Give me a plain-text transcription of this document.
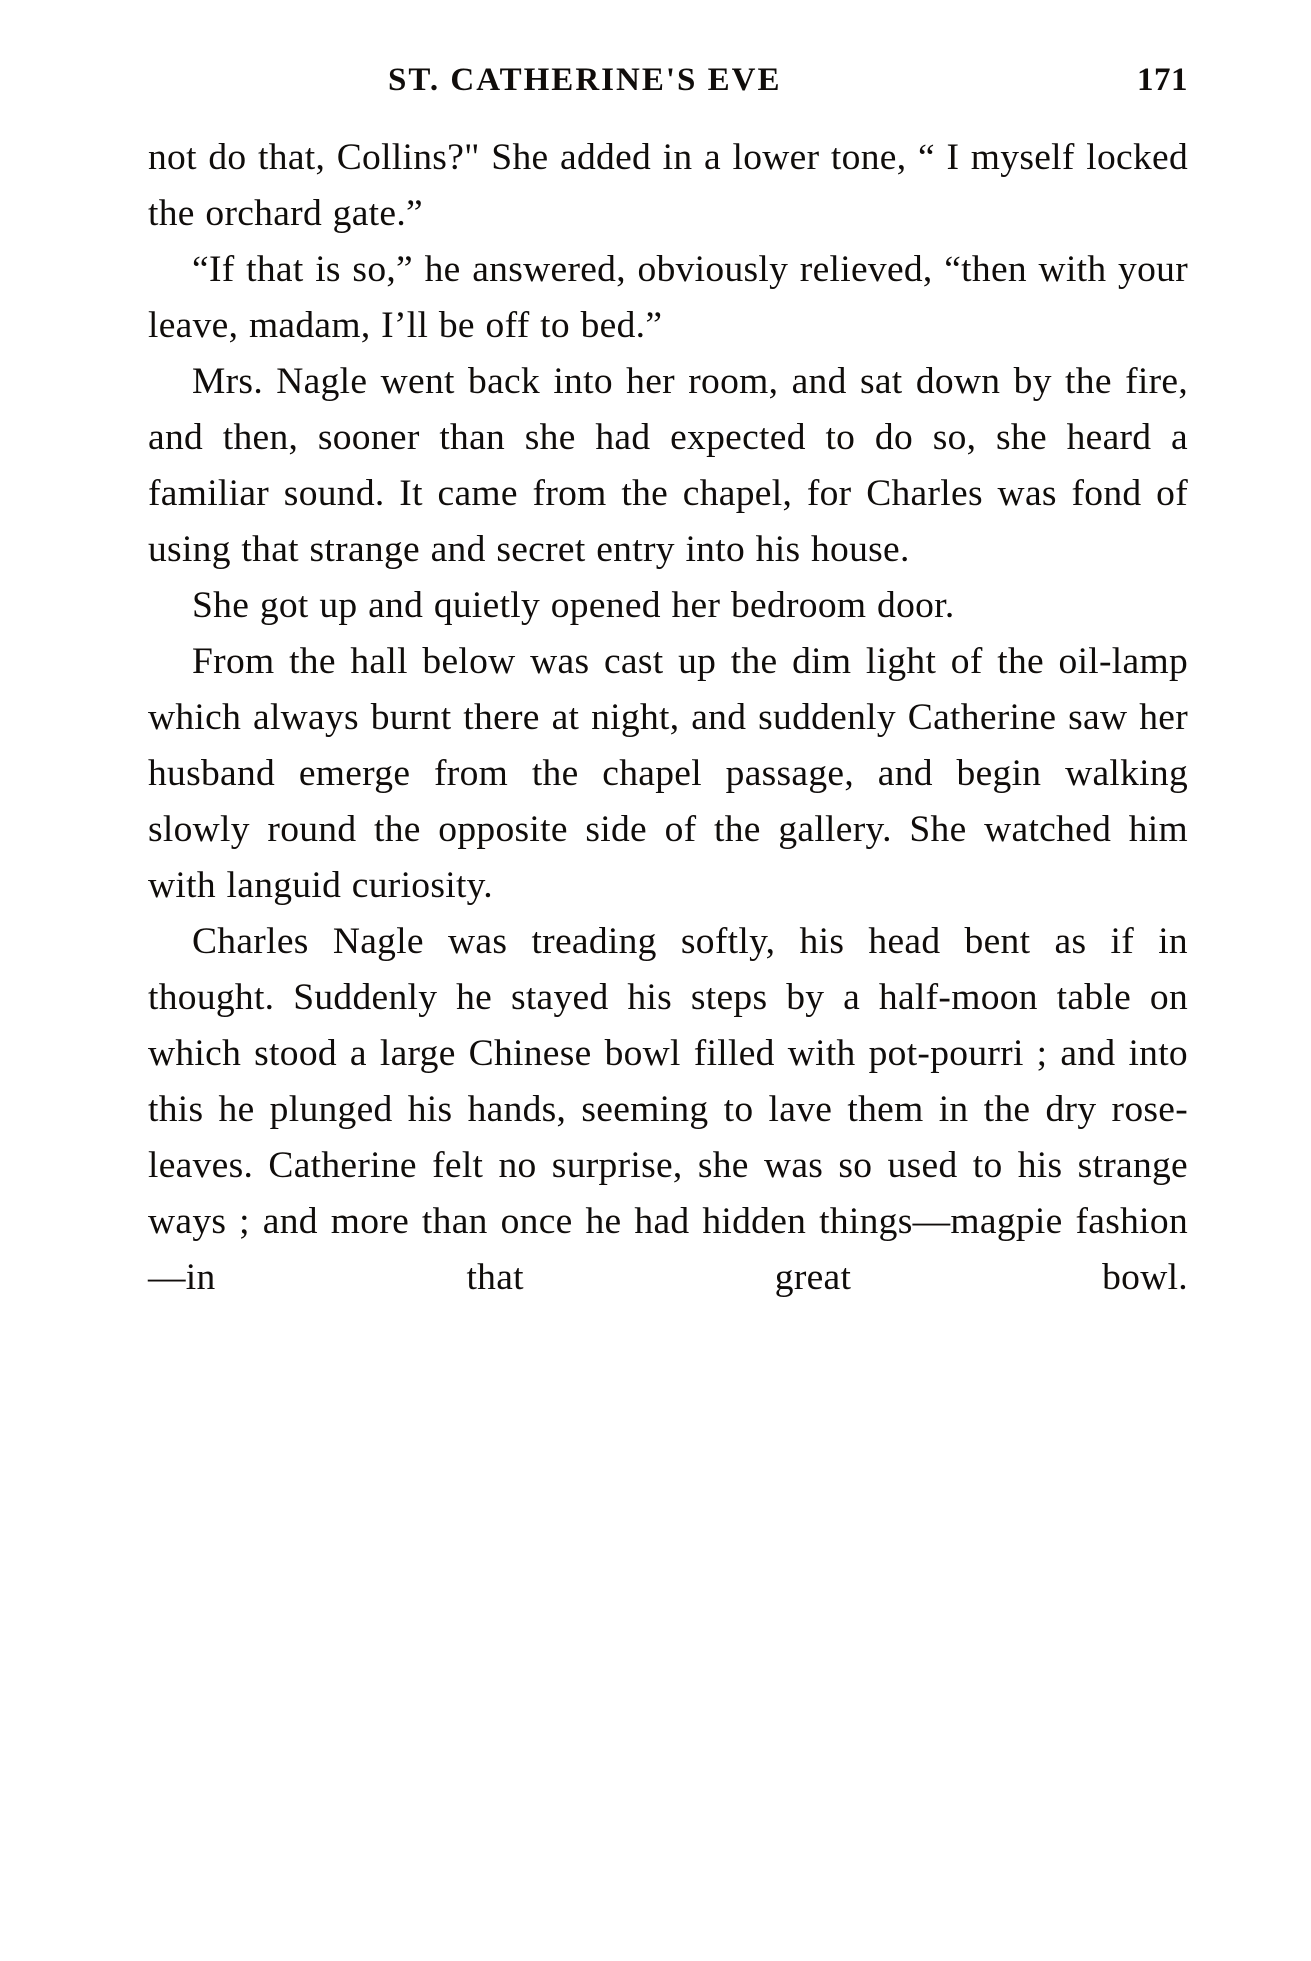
ST. CATHERINE'S EVE	171

not do that, Collins?" She added in a lower tone, “ I myself locked the orchard gate.”

“If that is so,” he answered, obviously relieved, “then with your leave, madam, I’ll be off to bed.”

Mrs. Nagle went back into her room, and sat down by the fire, and then, sooner than she had expected to do so, she heard a familiar sound. It came from the chapel, for Charles was fond of using that strange and secret entry into his house.

She got up and quietly opened her bedroom door.

From the hall below was cast up the dim light of the oil-lamp which always burnt there at night, and suddenly Catherine saw her husband emerge from the chapel passage, and begin walking slowly round the opposite side of the gallery. She watched him with languid curiosity.

Charles Nagle was treading softly, his head bent as if in thought. Suddenly he stayed his steps by a half-moon table on which stood a large Chinese bowl filled with pot-pourri ; and into this he plunged his hands, seeming to lave them in the dry rose-leaves. Catherine felt no surprise, she was so used to his strange ways ; and more than once he had hidden things—magpie fashion—in that great bowl.
